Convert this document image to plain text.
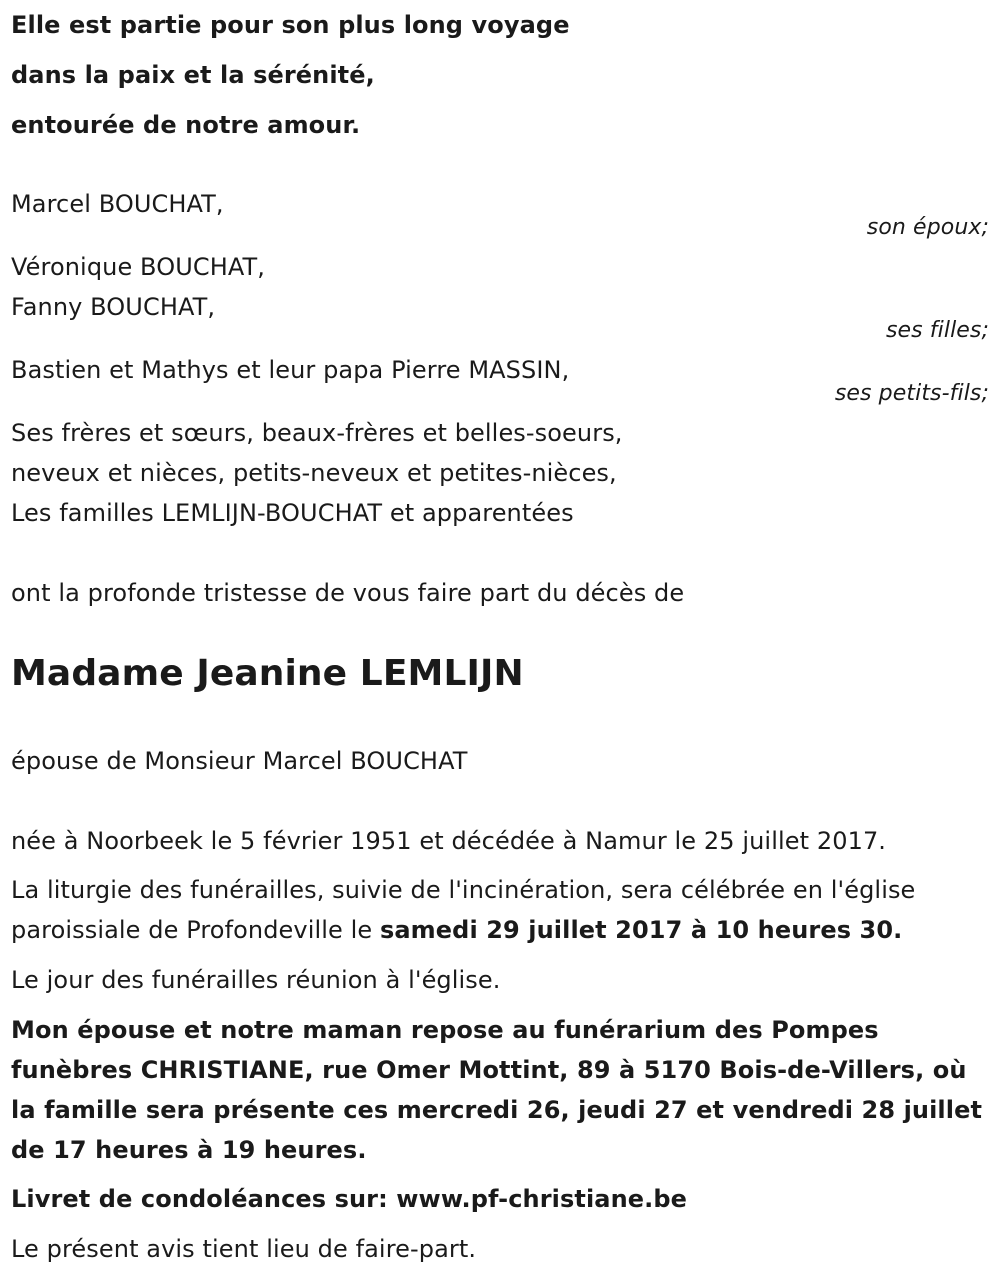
Elle est partie pour son plus long voyage
dans la paix et la sérénité,
entourée de notre amour.
Marcel BOUCHAT,
son époux;
Véronique BOUCHAT,
Fanny BOUCHAT,
ses filles;
Bastien et Mathys et leur papa Pierre MASSIN,
ses petits-fils;
Ses frères et sœurs, beaux-frères et belles-soeurs,
neveux et nièces, petits-neveux et petites-nièces,
Les familles LEMLIJN-BOUCHAT et apparentées
ont la profonde tristesse de vous faire part du décès de
Madame Jeanine LEMLIJN
épouse de Monsieur Marcel BOUCHAT
née à Noorbeek le 5 février 1951 et décédée à Namur le 25 juillet 2017.
La liturgie des funérailles, suivie de l'incinération, sera célébrée en l'église
paroissiale de Profondeville le samedi 29 juillet 2017 à 10 heures 30.
Le jour des funérailles réunion à l'église.
Mon épouse et notre maman repose au funérarium des Pompes
funèbres CHRISTIANE, rue Omer Mottint, 89 à 5170 Bois-de-Villers, où
la famille sera présente ces mercredi 26, jeudi 27 et vendredi 28 juillet
de 17 heures à 19 heures.
Livret de condoléances sur: www.pf-christiane.be
Le présent avis tient lieu de faire-part.
